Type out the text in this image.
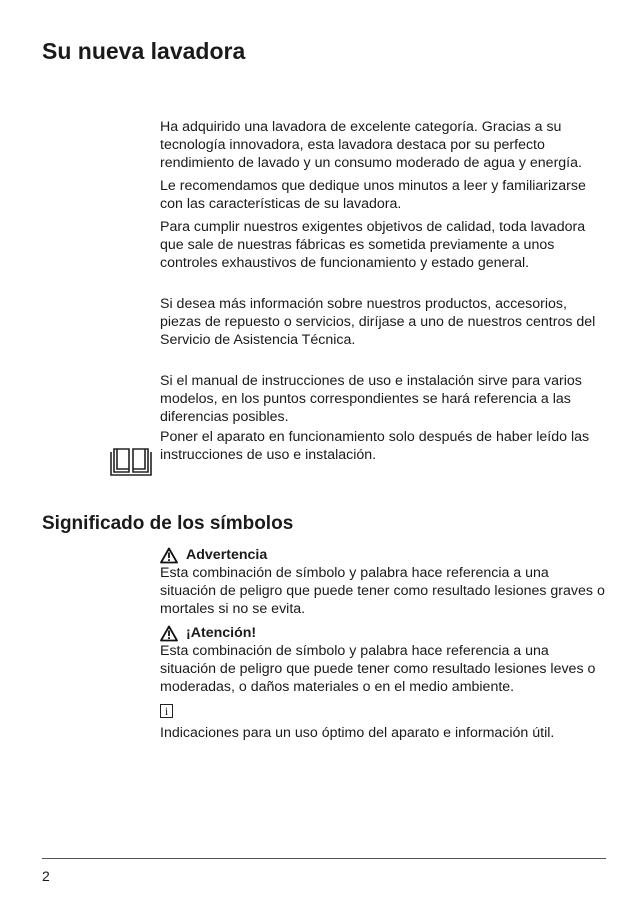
Su nueva lavadora

Ha adquirido una lavadora de excelente categoría. Gracias a su tecnología innovadora, esta lavadora destaca por su perfecto rendimiento de lavado y un consumo moderado de agua y energía.

Le recomendamos que dedique unos minutos a leer y familiarizarse con las características de su lavadora.

Para cumplir nuestros exigentes objetivos de calidad, toda lavadora que sale de nuestras fábricas es sometida previamente a unos controles exhaustivos de funcionamiento y estado general.

Si desea más información sobre nuestros productos, accesorios, piezas de repuesto o servicios, diríjase a uno de nuestros centros del Servicio de Asistencia Técnica.

Si el manual de instrucciones de uso e instalación sirve para varios modelos, en los puntos correspondientes se hará referencia a las diferencias posibles.

Poner el aparato en funcionamiento solo después de haber leído las instrucciones de uso e instalación.

Significado de los símbolos
Advertencia

Esta combinación de símbolo y palabra hace referencia a una situación de peligro que puede tener como resultado lesiones graves o mortales si no se evita.

¡Atención!

Esta combinación de símbolo y palabra hace referencia a una situación de peligro que puede tener como resultado lesiones leves o moderadas, o daños materiales o en el medio ambiente.

i

Indicaciones para un uso óptimo del aparato e información útil.

2
